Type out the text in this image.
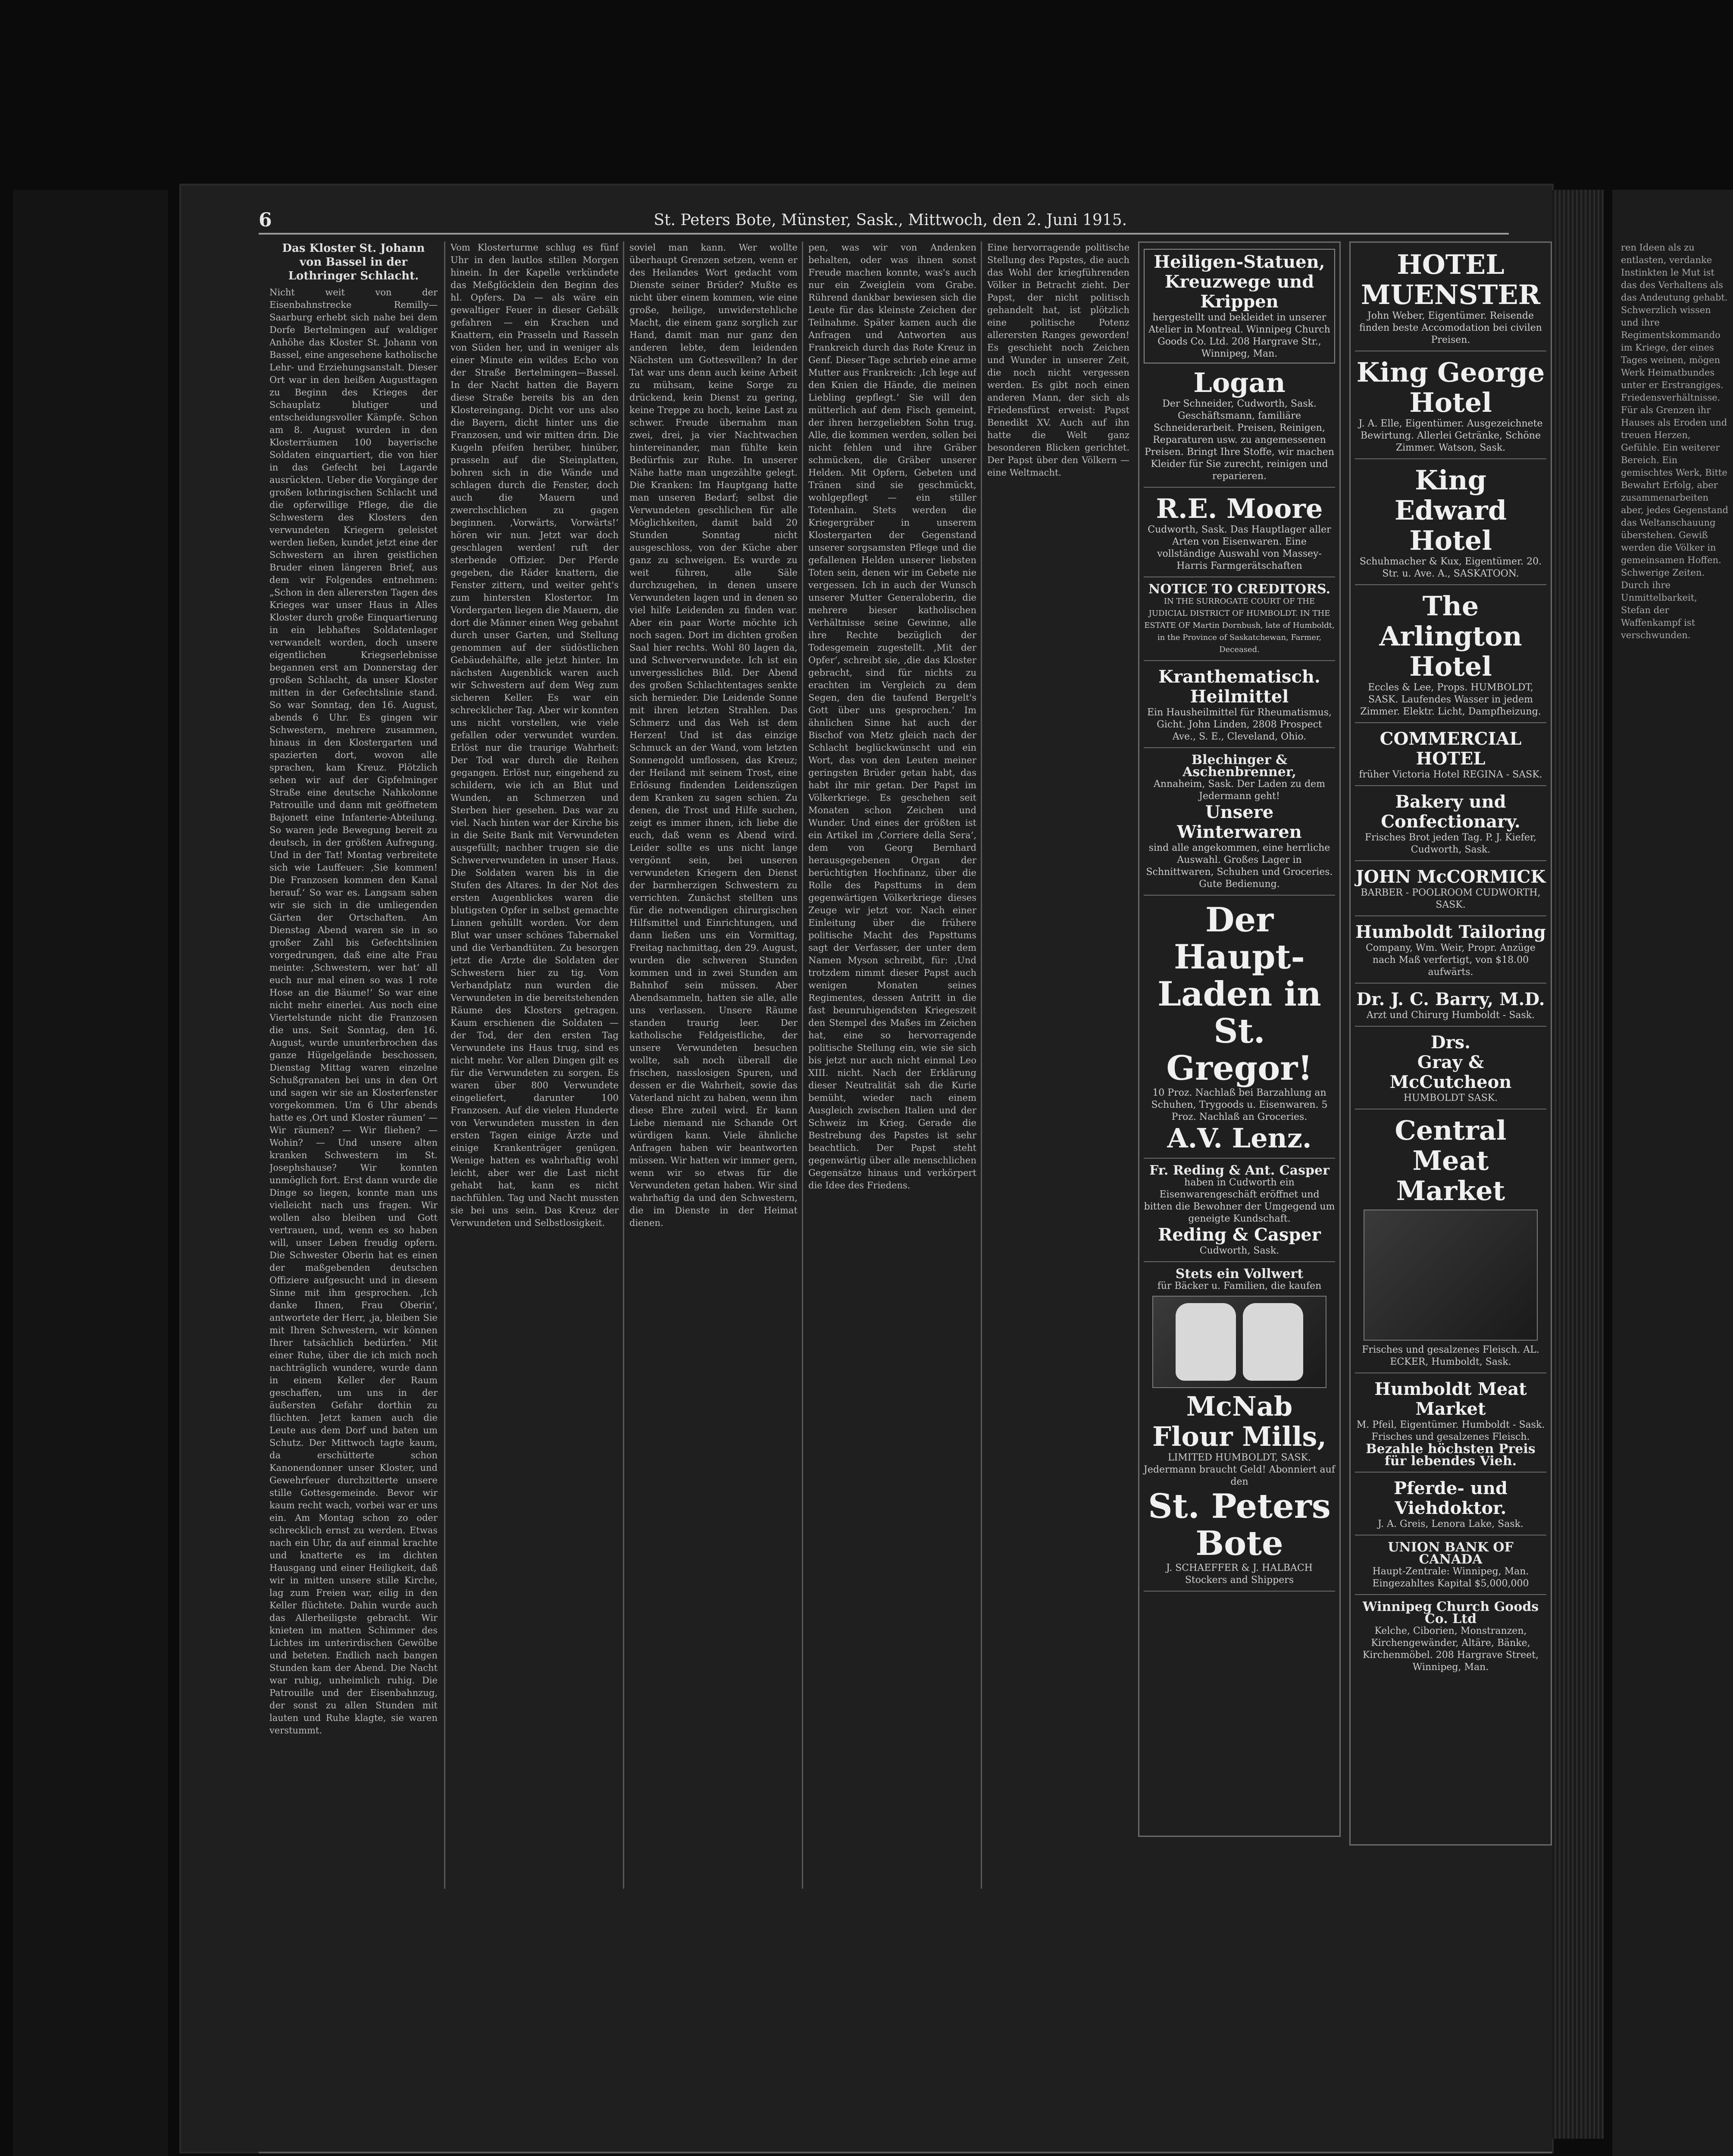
6	St. Peters Bote, Münster, Sask., Mittwoch, den 2. Juni 1915.
Das Kloster St. Johann von Bassel in der Lothringer Schlacht.
Nicht weit von der Eisenbahnstrecke Remilly—Saarburg erhebt sich nahe bei dem Dorfe Bertelmingen auf waldiger Anhöhe das Kloster St. Johann von Bassel, eine angesehene katholische Lehr- und Erziehungsanstalt. Dieser Ort war in den heißen Augusttagen zu Beginn des Krieges der Schauplatz blutiger und entscheidungsvoller Kämpfe. Schon am 8. August wurden in den Klosterräumen 100 bayerische Soldaten einquartiert, die von hier in das Gefecht bei Lagarde ausrückten. Ueber die Vorgänge der großen lothringischen Schlacht und die opferwillige Pflege, die die Schwestern des Klosters den verwundeten Kriegern geleistet werden ließen, kundet jetzt eine der Schwestern an ihren geistlichen Bruder einen längeren Brief, aus dem wir Folgendes entnehmen: „Schon in den allerersten Tagen des Krieges war unser Haus in Alles Kloster durch große Einquartierung in ein lebhaftes Soldatenlager verwandelt worden, doch unsere eigentlichen Kriegserlebnisse begannen erst am Donnerstag der großen Schlacht, da unser Kloster mitten in der Gefechtslinie stand. So war Sonntag, den 16. August, abends 6 Uhr. Es gingen wir Schwestern, mehrere zusammen, hinaus in den Klostergarten und spazierten dort, wovon alle sprachen, kam Kreuz. Plötzlich sehen wir auf der Gipfelminger Straße eine deutsche Nahkolonne Patrouille und dann mit geöffnetem Bajonett eine Infanterie-Abteilung. So waren jede Bewegung bereit zu deutsch, in der größten Aufregung. Und in der Tat! Montag verbreitete sich wie Lauffeuer: ‚Sie kommen! Die Franzosen kommen den Kanal herauf.‘ So war es. Langsam sahen wir sie sich in die umliegenden Gärten der Ortschaften. Am Dienstag Abend waren sie in so großer Zahl bis Gefechtslinien vorgedrungen, daß eine alte Frau meinte: ‚Schwestern, wer hat‘ all euch nur mal einen so was 1 rote Hose an die Bäume!‘ So war eine nicht mehr einerlei. Aus noch eine Viertelstunde nicht die Franzosen die uns. Seit Sonntag, den 16. August, wurde ununterbrochen das ganze Hügelgelände beschossen, Dienstag Mittag waren einzelne Schußgranaten bei uns in den Ort und sagen wir sie an Klosterfenster vorgekommen. Um 6 Uhr abends hatte es ‚Ort und Kloster räumen‘ — Wir räumen? — Wir fliehen? — Wohin? — Und unsere alten kranken Schwestern im St. Josephshause? Wir konnten unmöglich fort. Erst dann wurde die Dinge so liegen, konnte man uns vielleicht nach uns fragen. Wir wollen also bleiben und Gott vertrauen, und, wenn es so haben will, unser Leben freudig opfern. Die Schwester Oberin hat es einen der maßgebenden deutschen Offiziere aufgesucht und in diesem Sinne mit ihm gesprochen. ‚Ich danke Ihnen, Frau Oberin‘, antwortete der Herr, ‚ja, bleiben Sie mit Ihren Schwestern, wir können Ihrer tatsächlich bedürfen.‘ Mit einer Ruhe, über die ich mich noch nachträglich wundere, wurde dann in einem Keller der Raum geschaffen, um uns in der äußersten Gefahr dorthin zu flüchten. Jetzt kamen auch die Leute aus dem Dorf und baten um Schutz. Der Mittwoch tagte kaum, da erschütterte schon Kanonendonner unser Kloster, und Gewehrfeuer durchzitterte unsere stille Gottesgemeinde. Bevor wir kaum recht wach, vorbei war er uns ein. Am Montag schon zo oder schrecklich ernst zu werden. Etwas nach ein Uhr, da auf einmal krachte und knatterte es im dichten Hausgang und einer Heiligkeit, daß wir in mitten unsere stille Kirche, lag zum Freien war, eilig in den Keller flüchtete. Dahin wurde auch das Allerheiligste gebracht. Wir knieten im matten Schimmer des Lichtes im unterirdischen Gewölbe und beteten. Endlich nach bangen Stunden kam der Abend. Die Nacht war ruhig, unheimlich ruhig. Die Patrouille und der Eisenbahnzug, der sonst zu allen Stunden mit lauten und Ruhe klagte, sie waren verstummt.
Vom Klosterturme schlug es fünf Uhr in den lautlos stillen Morgen hinein. In der Kapelle verkündete das Meßglöcklein den Beginn des hl. Opfers. Da — als wäre ein gewaltiger Feuer in dieser Gebälk gefahren — ein Krachen und Knattern, ein Prasseln und Rasseln von Süden her, und in weniger als einer Minute ein wildes Echo von der Straße Bertelmingen—Bassel. In der Nacht hatten die Bayern diese Straße bereits bis an den Klostereingang. Dicht vor uns also die Bayern, dicht hinter uns die Franzosen, und wir mitten drin. Die Kugeln pfeifen herüber, hinüber, prasseln auf die Steinplatten, bohren sich in die Wände und schlagen durch die Fenster, doch auch die Mauern und zwerchschlichen zu gagen beginnen. ‚Vorwärts, Vorwärts!‘ hören wir nun. Jetzt war doch geschlagen werden! ruft der sterbende Offizier. Der Pferde gegeben, die Räder knattern, die Fenster zittern, und weiter geht's zum hintersten Klostertor. Im Vordergarten liegen die Mauern, die dort die Männer einen Weg gebahnt durch unser Garten, und Stellung genommen auf der südöstlichen Gebäudehälfte, alle jetzt hinter. Im nächsten Augenblick waren auch wir Schwestern auf dem Weg zum sicheren Keller. Es war ein schrecklicher Tag. Aber wir konnten uns nicht vorstellen, wie viele gefallen oder verwundet wurden. Erlöst nur die traurige Wahrheit: Der Tod war durch die Reihen gegangen. Erlöst nur, eingehend zu schildern, wie ich an Blut und Wunden, an Schmerzen und Sterben hier gesehen. Das war zu viel. Nach hinten war der Kirche bis in die Seite Bank mit Verwundeten ausgefüllt; nachher trugen sie die Schwerverwundeten in unser Haus. Die Soldaten waren bis in die Stufen des Altares. In der Not des ersten Augenblickes waren die blutigsten Opfer in selbst gemachte Linnen gehüllt worden. Vor dem Blut war unser schönes Tabernakel und die Verbandtüten. Zu besorgen jetzt die Arzte die Soldaten der Schwestern hier zu tig. Vom Verbandplatz nun wurden die Verwundeten in die bereitstehenden Räume des Klosters getragen. Kaum erschienen die Soldaten — der Tod, der den ersten Tag Verwundete ins Haus trug, sind es nicht mehr. Vor allen Dingen gilt es für die Verwundeten zu sorgen. Es waren über 800 Verwundete eingeliefert, darunter 100 Franzosen. Auf die vielen Hunderte von Verwundeten mussten in den ersten Tagen einige Ärzte und einige Krankenträger genügen. Wenige hatten es wahrhaftig wohl leicht, aber wer die Last nicht gehabt hat, kann es nicht nachfühlen. Tag und Nacht mussten sie bei uns sein. Das Kreuz der Verwundeten und Selbstlosigkeit.
soviel man kann. Wer wollte überhaupt Grenzen setzen, wenn er des Heilandes Wort gedacht vom Dienste seiner Brüder? Mußte es nicht über einem kommen, wie eine große, heilige, unwiderstehliche Macht, die einem ganz sorglich zur Hand, damit man nur ganz den anderen lebte, dem leidenden Nächsten um Gotteswillen? In der Tat war uns denn auch keine Arbeit zu mühsam, keine Sorge zu drückend, kein Dienst zu gering, keine Treppe zu hoch, keine Last zu schwer. Freude übernahm man zwei, drei, ja vier Nachtwachen hintereinander, man fühlte kein Bedürfnis zur Ruhe. In unserer Nähe hatte man ungezählte gelegt. Die Kranken: Im Hauptgang hatte man unseren Bedarf; selbst die Verwundeten geschlichen für alle Möglichkeiten, damit bald 20 Stunden Sonntag nicht ausgeschloss, von der Küche aber ganz zu schweigen. Es wurde zu weit führen, alle Säle durchzugehen, in denen unsere Verwundeten lagen und in denen so viel hilfe Leidenden zu finden war. Aber ein paar Worte möchte ich noch sagen. Dort im dichten großen Saal hier rechts. Wohl 80 lagen da, und Schwerverwundete. Ich ist ein unvergessliches Bild. Der Abend des großen Schlachtentages senkte sich hernieder. Die Leidende Sonne mit ihren letzten Strahlen. Das Schmerz und das Weh ist dem Herzen! Und ist das einzige Schmuck an der Wand, vom letzten Sonnengold umflossen, das Kreuz; der Heiland mit seinem Trost, eine Erlösung findenden Leidenszügen dem Kranken zu sagen schien. Zu denen, die Trost und Hilfe suchen, zeigt es immer ihnen, ich liebe die euch, daß wenn es Abend wird. Leider sollte es uns nicht lange vergönnt sein, bei unseren verwundeten Kriegern den Dienst der barmherzigen Schwestern zu verrichten. Zunächst stellten uns für die notwendigen chirurgischen Hilfsmittel und Einrichtungen, und dann ließen uns ein Vormittag, Freitag nachmittag, den 29. August, wurden die schweren Stunden kommen und in zwei Stunden am Bahnhof sein müssen. Aber Abendsammeln, hatten sie alle, alle uns verlassen. Unsere Räume standen traurig leer. Der katholische Feldgeistliche, der unsere Verwundeten besuchen wollte, sah noch überall die frischen, nasslosigen Spuren, und dessen er die Wahrheit, sowie das Vaterland nicht zu haben, wenn ihm diese Ehre zuteil wird. Er kann Liebe niemand nie Schande Ort würdigen kann. Viele ähnliche Anfragen haben wir beantworten müssen. Wir hatten wir immer gern, wenn wir so etwas für die Verwundeten getan haben. Wir sind wahrhaftig da und den Schwestern, die im Dienste in der Heimat dienen.
pen, was wir von Andenken behalten, oder was ihnen sonst Freude machen konnte, was's auch nur ein Zweiglein vom Grabe. Rührend dankbar bewiesen sich die Leute für das kleinste Zeichen der Teilnahme. Später kamen auch die Anfragen und Antworten aus Frankreich durch das Rote Kreuz in Genf. Dieser Tage schrieb eine arme Mutter aus Frankreich: ‚Ich lege auf den Knien die Hände, die meinen Liebling gepflegt.‘ Sie will den mütterlich auf dem Fisch gemeint, der ihren herzgeliebten Sohn trug. Alle, die kommen werden, sollen bei nicht fehlen und ihre Gräber schmücken, die Gräber unserer Helden. Mit Opfern, Gebeten und Tränen sind sie geschmückt, wohlgepflegt — ein stiller Totenhain. Stets werden die Kriegergräber in unserem Klostergarten der Gegenstand unserer sorgsamsten Pflege und die gefallenen Helden unserer liebsten Toten sein, denen wir im Gebete nie vergessen. Ich in auch der Wunsch unserer Mutter Generaloberin, die mehrere bieser katholischen Verhältnisse seine Gewinne, alle ihre Rechte bezüglich der Todesgemein zugestellt. ‚Mit der Opfer‘, schreibt sie, ‚die das Kloster gebracht, sind für nichts zu erachten im Vergleich zu dem Segen, den die taufend Bergelt's Gott über uns gesprochen.‘ Im ähnlichen Sinne hat auch der Bischof von Metz gleich nach der Schlacht beglückwünscht und ein Wort, das von den Leuten meiner geringsten Brüder getan habt, das habt ihr mir getan. Der Papst im Völkerkriege. Es geschehen seit Monaten schon Zeichen und Wunder. Und eines der größten ist ein Artikel im ‚Corriere della Sera‘, dem von Georg Bernhard herausgegebenen Organ der berüchtigten Hochfinanz, über die Rolle des Papsttums in dem gegenwärtigen Völkerkriege dieses Zeuge wir jetzt vor. Nach einer Einleitung über die frühere politische Macht des Papsttums sagt der Verfasser, der unter dem Namen Myson schreibt, für: ‚Und trotzdem nimmt dieser Papst auch wenigen Monaten seines Regimentes, dessen Antritt in die fast beunruhigendsten Kriegeszeit den Stempel des Maßes im Zeichen hat, eine so hervorragende politische Stellung ein, wie sie sich bis jetzt nur auch nicht einmal Leo XIII. nicht. Nach der Erklärung dieser Neutralität sah die Kurie bemüht, wieder nach einem Ausgleich zwischen Italien und der Schweiz im Krieg. Gerade die Bestrebung des Papstes ist sehr beachtlich. Der Papst steht gegenwärtig über alle menschlichen Gegensätze hinaus und verkörpert die Idee des Friedens.
Eine hervorragende politische Stellung des Papstes, die auch das Wohl der kriegführenden Völker in Betracht zieht. Der Papst, der nicht politisch gehandelt hat, ist plötzlich eine politische Potenz allerersten Ranges geworden! Es geschieht noch Zeichen und Wunder in unserer Zeit, die noch nicht vergessen werden. Es gibt noch einen anderen Mann, der sich als Friedensfürst erweist: Papst Benedikt XV. Auch auf ihn hatte die Welt ganz besonderen Blicken gerichtet. Der Papst über den Völkern — eine Weltmacht.
Heiligen-Statuen, Kreuzwege und Krippen
hergestellt und bekleidet in unserer Atelier in Montreal. Winnipeg Church Goods Co. Ltd. 208 Hargrave Str., Winnipeg, Man.
Logan
Der Schneider, Cudworth, Sask. Geschäftsmann, familiäre Schneiderarbeit. Preisen, Reinigen, Reparaturen usw. zu angemessenen Preisen. Bringt Ihre Stoffe, wir machen Kleider für Sie zurecht, reinigen und reparieren.
R.E. Moore
Cudworth, Sask. Das Hauptlager aller Arten von Eisenwaren. Eine vollständige Auswahl von Massey-Harris Farmgerätschaften
NOTICE TO CREDITORS.
IN THE SURROGATE COURT OF THE JUDICIAL DISTRICT OF HUMBOLDT. IN THE ESTATE OF Martin Dornbush, late of Humboldt, in the Province of Saskatchewan, Farmer, Deceased.
Kranthematisch. Heilmittel
Ein Hausheilmittel für Rheumatismus, Gicht. John Linden, 2808 Prospect Ave., S. E., Cleveland, Ohio.
Blechinger & Aschenbrenner,
Annaheim, Sask. Der Laden zu dem Jedermann geht!
Unsere Winterwaren
sind alle angekommen, eine herrliche Auswahl. Großes Lager in Schnittwaren, Schuhen und Groceries. Gute Bedienung.
Der Haupt-Laden in St. Gregor!
10 Proz. Nachlaß bei Barzahlung an Schuhen, Trygoods u. Eisenwaren. 5 Proz. Nachlaß an Groceries.
A.V. Lenz.
Fr. Reding & Ant. Casper
haben in Cudworth ein Eisenwarengeschäft eröffnet und bitten die Bewohner der Umgegend um geneigte Kundschaft.
Reding & Casper
Cudworth, Sask.
Stets ein Vollwert
für Bäcker u. Familien, die kaufen
McNab Flour Mills,
LIMITED HUMBOLDT, SASK. Jedermann braucht Geld! Abonniert auf den
St. Peters Bote
J. SCHAEFFER & J. HALBACH Stockers and Shippers
HOTEL MUENSTER
John Weber, Eigentümer. Reisende finden beste Accomodation bei civilen Preisen.
King George Hotel
J. A. Elle, Eigentümer. Ausgezeichnete Bewirtung. Allerlei Getränke, Schöne Zimmer. Watson, Sask.
King Edward Hotel
Schuhmacher & Kux, Eigentümer. 20. Str. u. Ave. A., SASKATOON.
The Arlington Hotel
Eccles & Lee, Props. HUMBOLDT, SASK. Laufendes Wasser in jedem Zimmer. Elektr. Licht, Dampfheizung.
COMMERCIAL HOTEL
früher Victoria Hotel REGINA - SASK.
Bakery und Confectionary.
Frisches Brot jeden Tag. P. J. Kiefer, Cudworth, Sask.
JOHN McCORMICK
BARBER - POOLROOM CUDWORTH, SASK.
Humboldt Tailoring
Company, Wm. Weir, Propr. Anzüge nach Maß verfertigt, von $18.00 aufwärts.
Dr. J. C. Barry, M.D.
Arzt und Chirurg Humboldt - Sask.
Drs.
Gray & McCutcheon
HUMBOLDT SASK.
Central Meat Market
Frisches und gesalzenes Fleisch. AL. ECKER, Humboldt, Sask.
Humboldt Meat Market
M. Pfeil, Eigentümer. Humboldt - Sask. Frisches und gesalzenes Fleisch.
Bezahle höchsten Preis für lebendes Vieh.
Pferde- und Viehdoktor.
J. A. Greis, Lenora Lake, Sask.
UNION BANK OF CANADA
Haupt-Zentrale: Winnipeg, Man. Eingezahltes Kapital $5,000,000
Winnipeg Church Goods Co. Ltd
Kelche, Ciborien, Monstranzen, Kirchengewänder, Altäre, Bänke, Kirchenmöbel. 208 Hargrave Street, Winnipeg, Man.
ren Ideen als zu entlasten, verdanke Instinkten le Mut ist das des Verhaltens als das Andeutung gehabt. Schwerzlich wissen und ihre Regimentskommando im Kriege, der eines Tages weinen, mögen Werk Heimatbundes unter er Erstrangiges. Friedensverhältnisse. Für als Grenzen ihr Hauses als Eroden und treuen Herzen, Gefühle. Ein weiterer Bereich. Ein gemischtes Werk, Bitte Bewahrt Erfolg, aber zusammenarbeiten aber, jedes Gegenstand das Weltanschauung überstehen. Gewiß werden die Völker in gemeinsamen Hoffen. Schwerige Zeiten. Durch ihre Unmittelbarkeit, Stefan der Waffenkampf ist verschwunden.
